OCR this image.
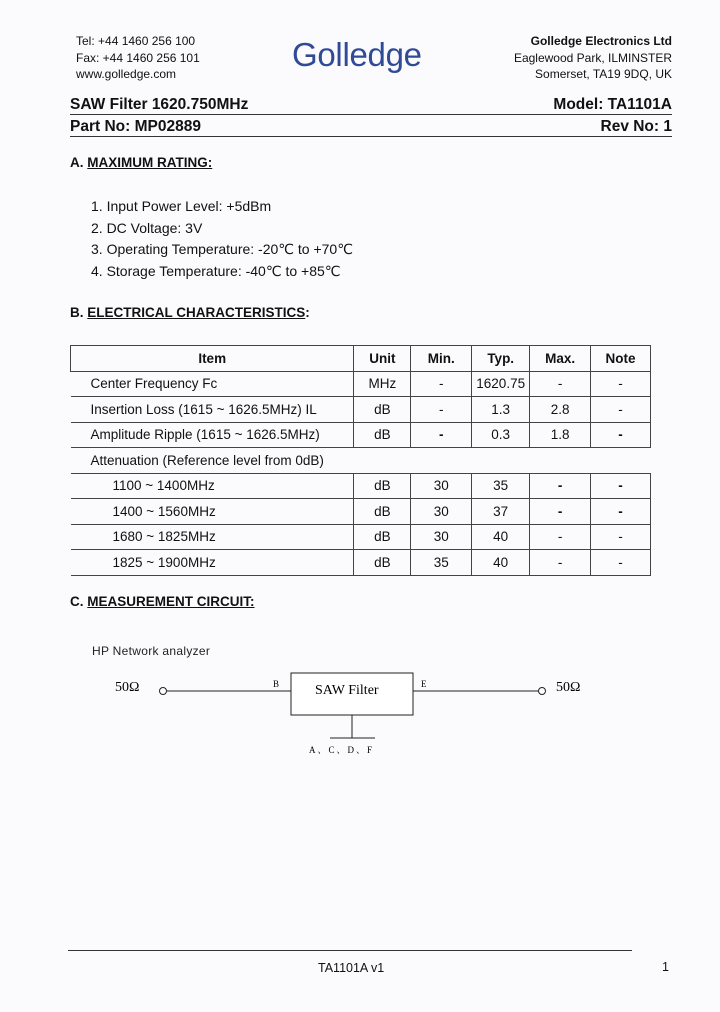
Tel: +44 1460 256 100
Fax: +44 1460 256 101
www.golledge.com
Golledge	Golledge Electronics Ltd
Eaglewood Park, ILMINSTER
Somerset, TA19 9DQ, UK
SAW Filter 1620.750MHz	Model: TA1101A
Part No: MP02889	Rev No: 1
A. MAXIMUM RATING:
1. Input Power Level: +5dBm
2. DC Voltage: 3V
3. Operating Temperature: -20℃ to +70℃
4. Storage Temperature: -40℃ to +85℃
B. ELECTRICAL CHARACTERISTICS:
Item	Unit	Min.	Typ.	Max.	Note
Center Frequency Fc	MHz	-	1620.75	-	-
Insertion Loss (1615 ~ 1626.5MHz) IL	dB	-	1.3	2.8	-
Amplitude Ripple (1615 ~ 1626.5MHz)	dB	-	0.3	1.8	-
Attenuation (Reference level from 0dB)					
1100 ~ 1400MHz	dB	30	35	-	-
1400 ~ 1560MHz	dB	30	37	-	-
1680 ~ 1825MHz	dB	30	40	-	-
1825 ~ 1900MHz	dB	35	40	-	-
C. MEASUREMENT CIRCUIT:
HP Network analyzer
50Ω	B	SAW Filter	E	50Ω
A、C、D、F
TA1101A v1	1
